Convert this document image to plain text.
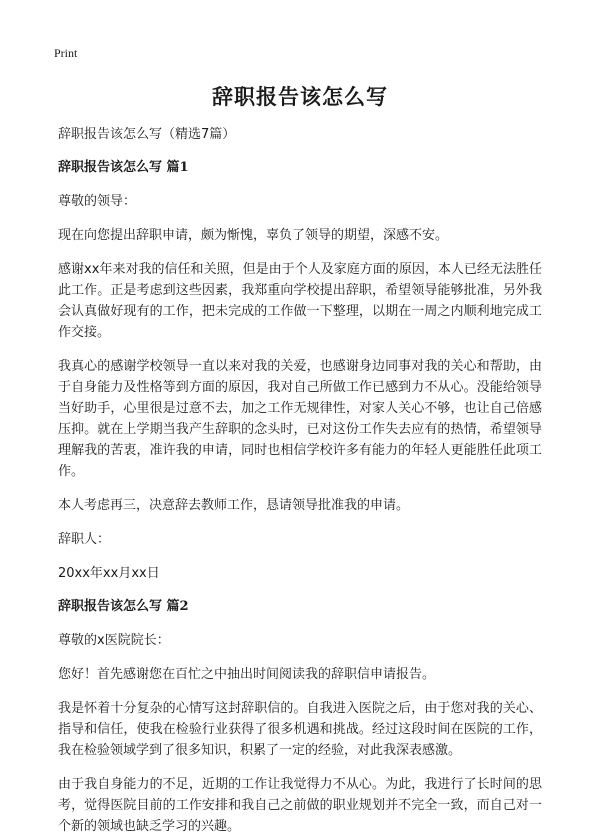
Print
辞职报告该怎么写
辞职报告该怎么写（精选7篇）
辞职报告该怎么写 篇1
尊敬的领导：
现在向您提出辞职申请，颇为惭愧，辜负了领导的期望，深感不安。
感谢xx年来对我的信任和关照，但是由于个人及家庭方面的原因，本人已经无法胜任此工作。正是考虑到这些因素，我郑重向学校提出辞职，希望领导能够批准，另外我会认真做好现有的工作，把未完成的工作做一下整理，以期在一周之内顺利地完成工作交接。
我真心的感谢学校领导一直以来对我的关爱，也感谢身边同事对我的关心和帮助，由于自身能力及性格等到方面的原因，我对自己所做工作已感到力不从心。没能给领导当好助手，心里很是过意不去，加之工作无规律性，对家人关心不够，也让自己倍感压抑。就在上学期当我产生辞职的念头时，已对这份工作失去应有的热情，希望领导理解我的苦衷，准许我的申请，同时也相信学校许多有能力的年轻人更能胜任此项工作。
本人考虑再三，决意辞去教师工作，恳请领导批准我的申请。
辞职人：
20xx年xx月xx日
辞职报告该怎么写 篇2
尊敬的x医院院长：
您好！首先感谢您在百忙之中抽出时间阅读我的辞职信申请报告。
我是怀着十分复杂的心情写这封辞职信的。自我进入医院之后，由于您对我的关心、指导和信任，使我在检验行业获得了很多机遇和挑战。经过这段时间在医院的工作，我在检验领域学到了很多知识，积累了一定的经验，对此我深表感激。
由于我自身能力的不足，近期的工作让我觉得力不从心。为此，我进行了长时间的思考，觉得医院目前的工作安排和我自己之前做的职业规划并不完全一致，而自己对一个新的领域也缺乏学习的兴趣。
